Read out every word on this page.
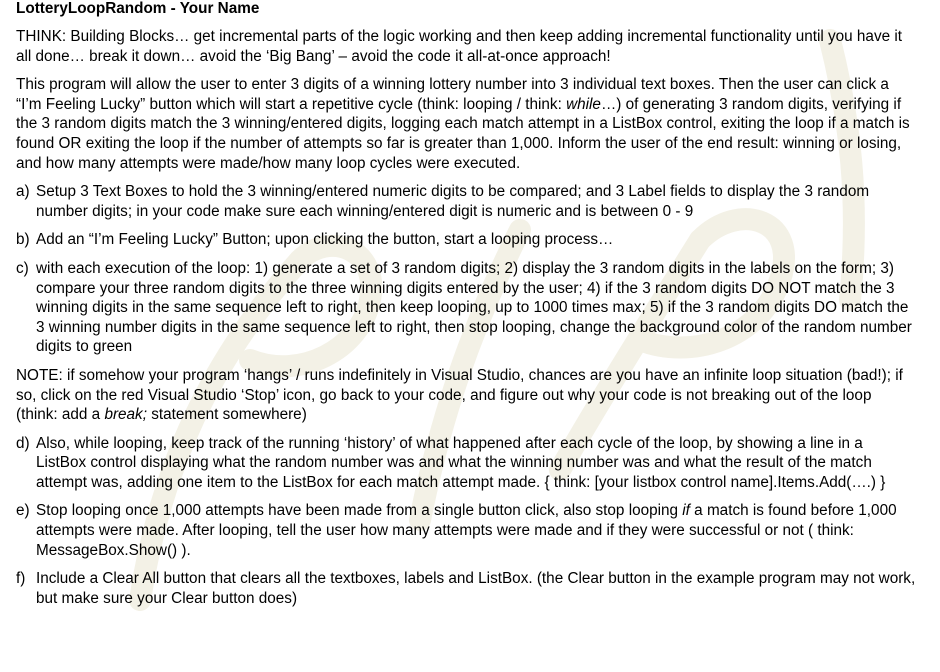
LotteryLoopRandom - Your Name

THINK: Building Blocks… get incremental parts of the logic working and then keep adding incremental functionality until you have it all done… break it down… avoid the ‘Big Bang’ – avoid the code it all-at-once approach!

This program will allow the user to enter 3 digits of a winning lottery number into 3 individual text boxes. Then the user can click a “I’m Feeling Lucky” button which will start a repetitive cycle (think: looping / think: while…) of generating 3 random digits, verifying if the 3 random digits match the 3 winning/entered digits, logging each match attempt in a ListBox control, exiting the loop if a match is found OR exiting the loop if the number of attempts so far is greater than 1,000. Inform the user of the end result: winning or losing, and how many attempts were made/how many loop cycles were executed.

a) Setup 3 Text Boxes to hold the 3 winning/entered numeric digits to be compared; and 3 Label fields to display the 3 random number digits; in your code make sure each winning/entered digit is numeric and is between 0 - 9
b) Add an “I’m Feeling Lucky” Button; upon clicking the button, start a looping process…
c) with each execution of the loop: 1) generate a set of 3 random digits; 2) display the 3 random digits in the labels on the form; 3) compare your three random digits to the three winning digits entered by the user; 4) if the 3 random digits DO NOT match the 3 winning digits in the same sequence left to right, then keep looping, up to 1000 times max; 5) if the 3 random digits DO match the 3 winning number digits in the same sequence left to right, then stop looping, change the background color of the random number digits to green

NOTE: if somehow your program ‘hangs’ / runs indefinitely in Visual Studio, chances are you have an infinite loop situation (bad!); if so, click on the red Visual Studio ‘Stop’ icon, go back to your code, and figure out why your code is not breaking out of the loop (think: add a break; statement somewhere)

d) Also, while looping, keep track of the running ‘history’ of what happened after each cycle of the loop, by showing a line in a ListBox control displaying what the random number was and what the winning number was and what the result of the match attempt was, adding one item to the ListBox for each match attempt made. { think: [your listbox control name].Items.Add(….) }
e) Stop looping once 1,000 attempts have been made from a single button click, also stop looping if a match is found before 1,000 attempts were made. After looping, tell the user how many attempts were made and if they were successful or not ( think: MessageBox.Show() ).
f) Include a Clear All button that clears all the textboxes, labels and ListBox. (the Clear button in the example program may not work, but make sure your Clear button does)
